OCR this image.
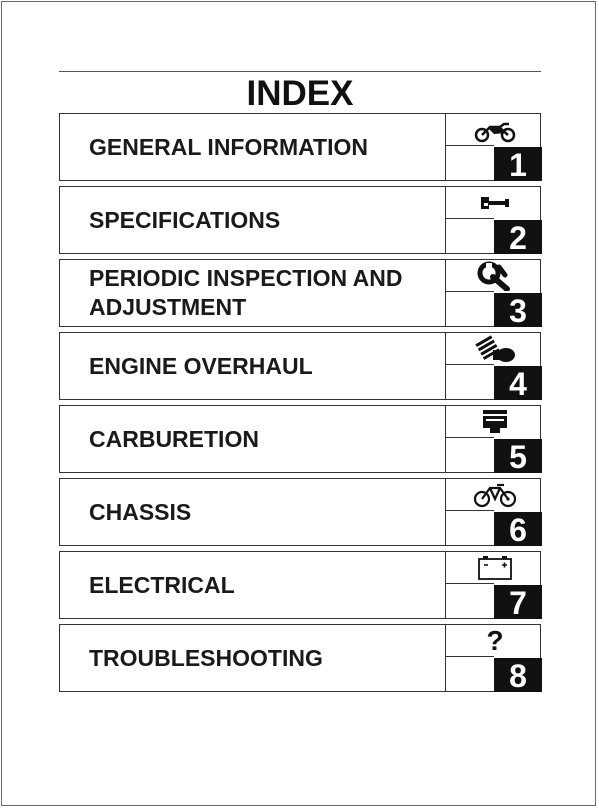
INDEX
GENERAL INFORMATION
1
SPECIFICATIONS
2
PERIODIC INSPECTION AND
ADJUSTMENT	3
ENGINE OVERHAUL
4
CARBURETION
5
CHASSIS
6
ELECTRICAL
7
TROUBLESHOOTING
?
8
